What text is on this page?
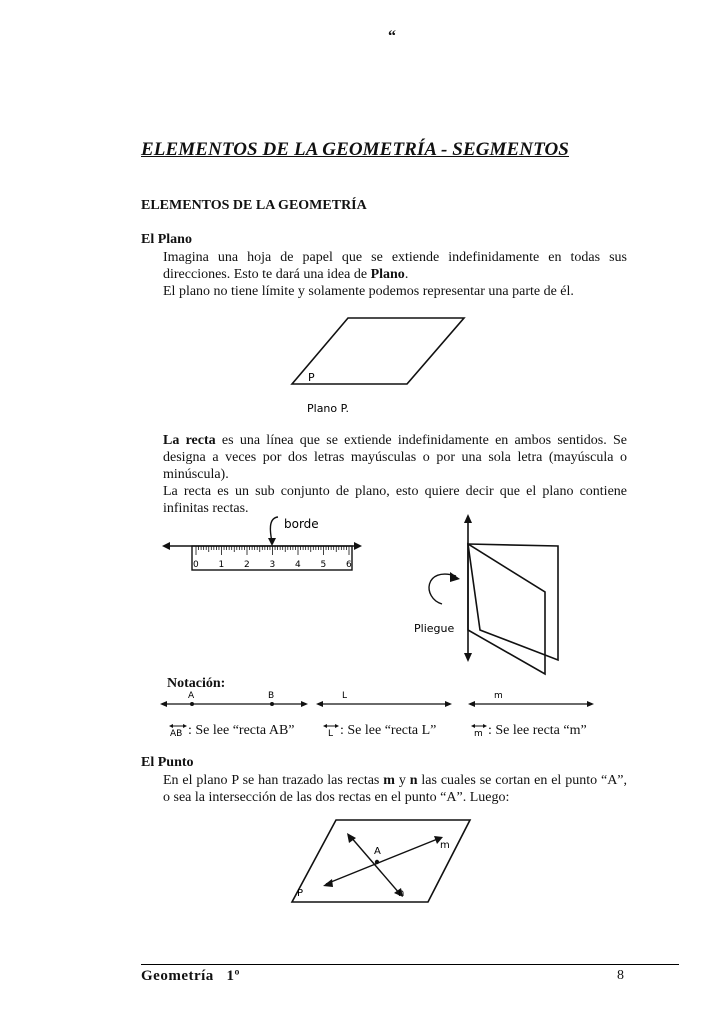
“
ELEMENTOS DE LA GEOMETRÍA - SEGMENTOS
ELEMENTOS DE LA GEOMETRÍA
El Plano
Imagina una hoja de papel que se extiende indefinidamente en todas sus direcciones. Esto te dará una idea de Plano.
El plano no tiene límite y solamente podemos representar una parte de él.
P
Plano P.
La recta es una línea que se extiende indefinidamente en ambos sentidos. Se designa a veces por dos letras mayúsculas o por una sola letra (mayúscula o minúscula).
La recta es un sub conjunto de plano, esto quiere decir que el plano contiene infinitas rectas.
0 1 2 3 4 5 6
borde
Pliegue
Notación:
A	B	L	m
AB	L	m
: Se lee “recta AB”	: Se lee “recta L”	: Se lee recta “m”
El Punto
En el plano P se han trazado las rectas m y n las cuales se cortan en el punto “A”, o sea la intersección de las dos rectas en el punto “A”. Luego:
A
m
n
P
Geometría   1º	8
